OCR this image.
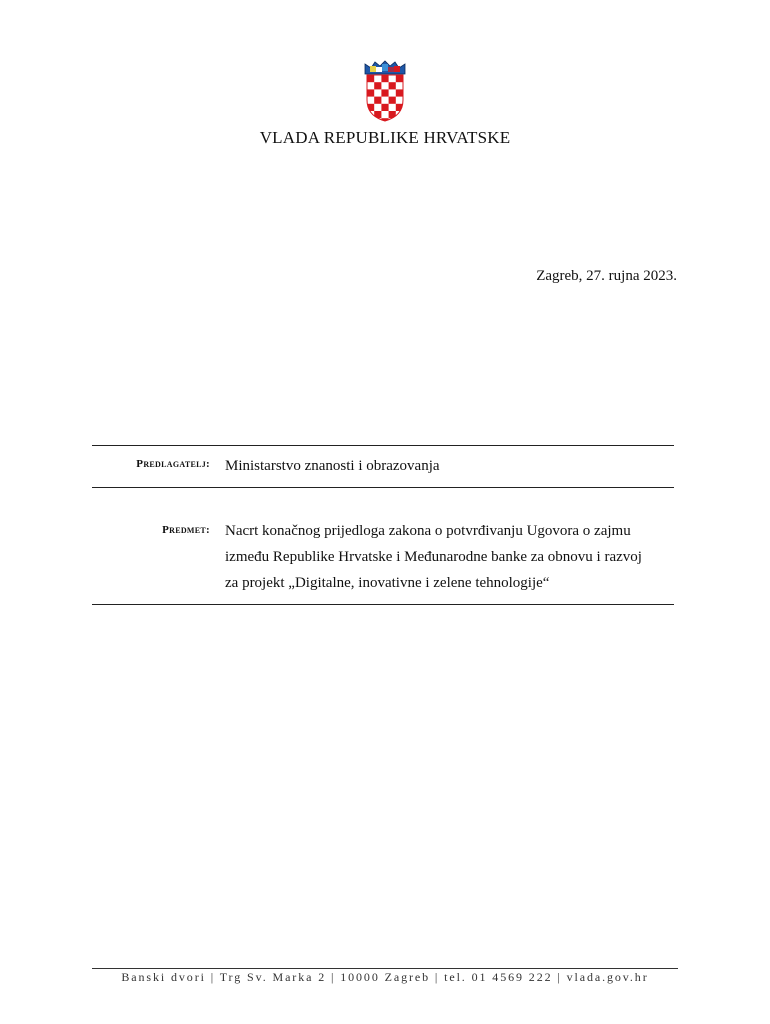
VLADA REPUBLIKE HRVATSKE
Zagreb, 27. rujna 2023.
Predlagatelj: Ministarstvo znanosti i obrazovanja
Predmet: Nacrt konačnog prijedloga zakona o potvrđivanju Ugovora o zajmu
između Republike Hrvatske i Međunarodne banke za obnovu i razvoj
za projekt „Digitalne, inovativne i zelene tehnologije“
Banski dvori | Trg Sv. Marka 2 | 10000 Zagreb | tel. 01 4569 222 | vlada.gov.hr
